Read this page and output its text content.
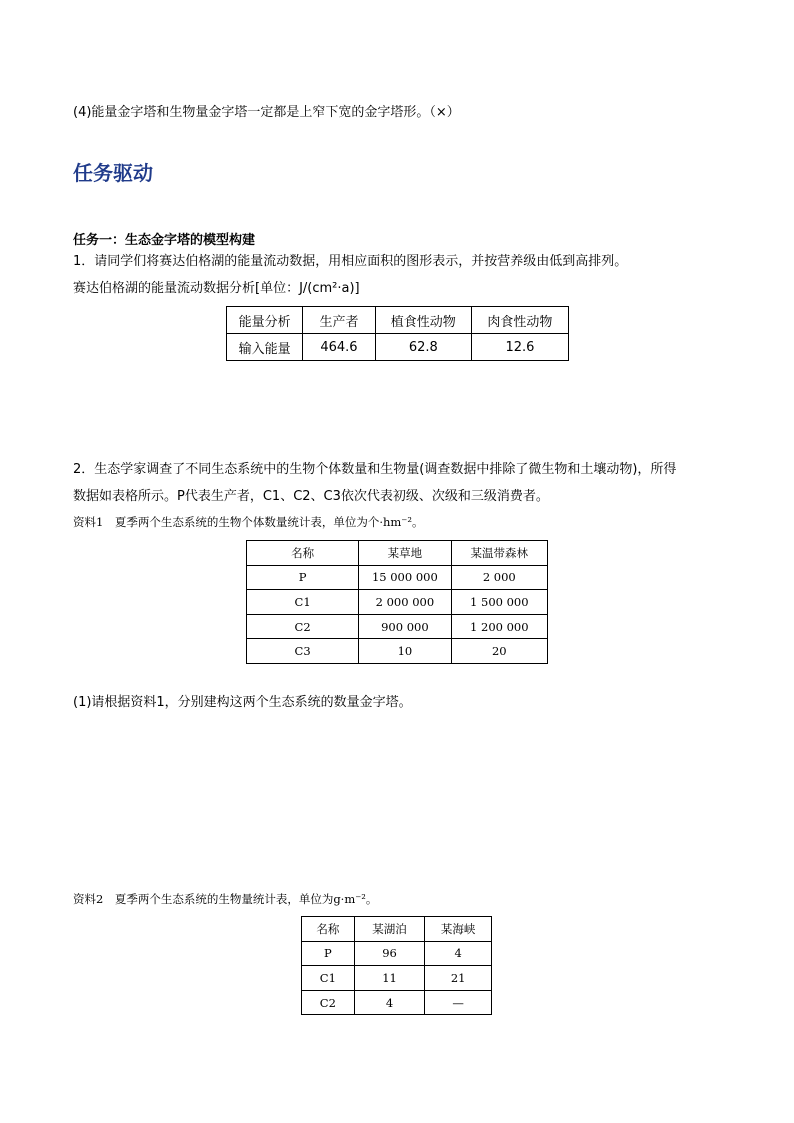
(4)能量金字塔和生物量金字塔一定都是上窄下宽的金字塔形。（×）
任务驱动
任务一：生态金字塔的模型构建
1．请同学们将赛达伯格湖的能量流动数据，用相应面积的图形表示，并按营养级由低到高排列。
赛达伯格湖的能量流动数据分析[单位：J/(cm²·a)]
能量分析	生产者	植食性动物	肉食性动物
输入能量	464.6	62.8	12.6
2．生态学家调查了不同生态系统中的生物个体数量和生物量(调查数据中排除了微生物和土壤动物)，所得
数据如表格所示。P代表生产者，C1、C2、C3依次代表初级、次级和三级消费者。
资料1　夏季两个生态系统的生物个体数量统计表，单位为个·hm⁻²。
名称	某草地	某温带森林
P	15 000 000	2 000
C1	2 000 000	1 500 000
C2	900 000	1 200 000
C3	10	20
(1)请根据资料1，分别建构这两个生态系统的数量金字塔。
资料2　夏季两个生态系统的生物量统计表，单位为g·m⁻²。
名称	某湖泊	某海峡
P	96	4
C1	11	21
C2	4	—
